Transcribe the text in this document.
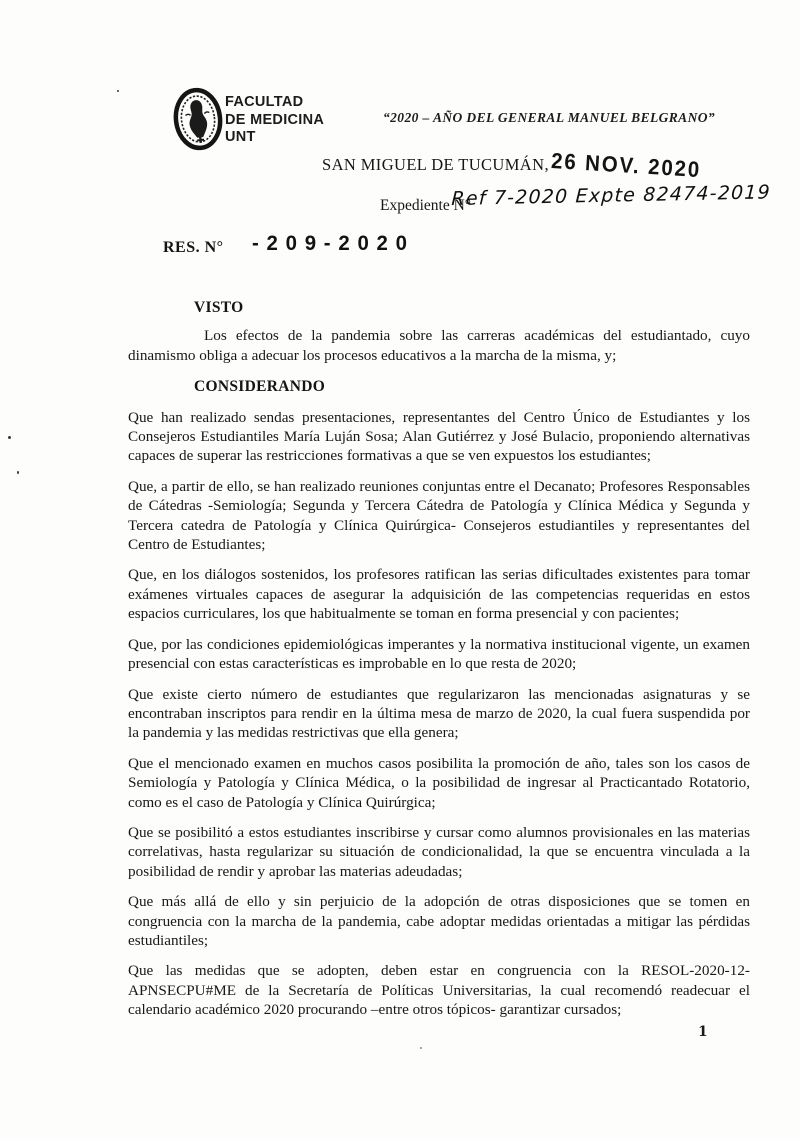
FACULTAD
DE MEDICINA
UNT
“2020 – AÑO DEL GENERAL MANUEL BELGRANO”
SAN MIGUEL DE TUCUMÁN, 26 NOV. 2020
Expediente N°
Ref 7-2020 Expte 82474-2019
RES. N° -209-2020
VISTO

Los efectos de la pandemia sobre las carreras académicas del estudiantado, cuyo dinamismo obliga a adecuar los procesos educativos a la marcha de la misma, y;

CONSIDERANDO

Que han realizado sendas presentaciones, representantes del Centro Único de Estudiantes y los Consejeros Estudiantiles María Luján Sosa; Alan Gutiérrez y José Bulacio, proponiendo alternativas capaces de superar las restricciones formativas a que se ven expuestos los estudiantes;

Que, a partir de ello, se han realizado reuniones conjuntas entre el Decanato; Profesores Responsables de Cátedras -Semiología; Segunda y Tercera Cátedra de Patología y Clínica Médica y Segunda y Tercera catedra de Patología y Clínica Quirúrgica- Consejeros estudiantiles y representantes del Centro de Estudiantes;

Que, en los diálogos sostenidos, los profesores ratifican las serias dificultades existentes para tomar exámenes virtuales capaces de asegurar la adquisición de las competencias requeridas en estos espacios curriculares, los que habitualmente se toman en forma presencial y con pacientes;

Que, por las condiciones epidemiológicas imperantes y la normativa institucional vigente, un examen presencial con estas características es improbable en lo que resta de 2020;

Que existe cierto número de estudiantes que regularizaron las mencionadas asignaturas y se encontraban inscriptos para rendir en la última mesa de marzo de 2020, la cual fuera suspendida por la pandemia y las medidas restrictivas que ella genera;

Que el mencionado examen en muchos casos posibilita la promoción de año, tales son los casos de Semiología y Patología y Clínica Médica, o la posibilidad de ingresar al Practicantado Rotatorio, como es el caso de Patología y Clínica Quirúrgica;

Que se posibilitó a estos estudiantes inscribirse y cursar como alumnos provisionales en las materias correlativas, hasta regularizar su situación de condicionalidad, la que se encuentra vinculada a la posibilidad de rendir y aprobar las materias adeudadas;

Que más allá de ello y sin perjuicio de la adopción de otras disposiciones que se tomen en congruencia con la marcha de la pandemia, cabe adoptar medidas orientadas a mitigar las pérdidas estudiantiles;

Que las medidas que se adopten, deben estar en congruencia con la RESOL-2020-12-APNSECPU#ME de la Secretaría de Políticas Universitarias, la cual recomendó readecuar el calendario académico 2020 procurando –entre otros tópicos- garantizar cursados;

1
